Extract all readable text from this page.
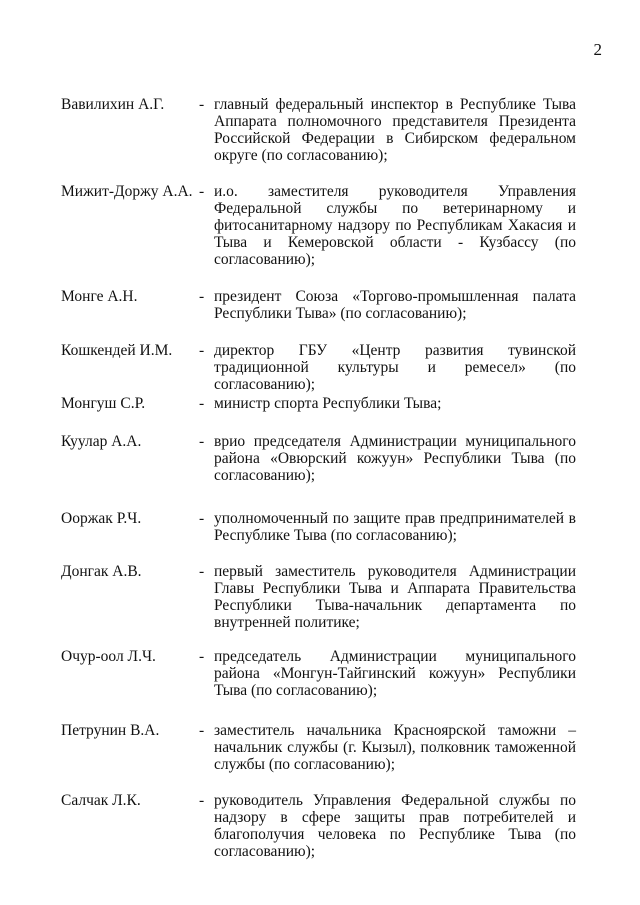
2
Вавилихин А.Г.	- главный федеральный инспектор в Республике Тыва Аппарата полномочного представителя Президента Российской Федерации в Сибирском федеральном округе (по согласованию);
Мижит-Доржу А.А. - и.о. заместителя руководителя Управления Федеральной службы по ветеринарному и фитосанитарному надзору по Республикам Хакасия и Тыва и Кемеровской области - Кузбассу (по согласованию);
Монге А.Н.	- президент Союза «Торгово-промышленная палата Республики Тыва» (по согласованию);
Кошкендей И.М.	- директор ГБУ «Центр развития тувинской традиционной культуры и ремесел» (по согласованию);
Монгуш С.Р.	- министр спорта Республики Тыва;
Куулар А.А.	- врио председателя Администрации муниципального района «Овюрский кожуун» Республики Тыва (по согласованию);
Ооржак Р.Ч.	- уполномоченный по защите прав предпринимателей в Республике Тыва (по согласованию);
Донгак А.В.	- первый заместитель руководителя Администрации Главы Республики Тыва и Аппарата Правительства Республики Тыва-начальник департамента по внутренней политике;
Очур-оол Л.Ч.	- председатель Администрации муниципального района «Монгун-Тайгинский кожуун» Республики Тыва (по согласованию);
Петрунин В.А.	- заместитель начальника Красноярской таможни – начальник службы (г. Кызыл), полковник таможенной службы (по согласованию);
Салчак Л.К.	- руководитель Управления Федеральной службы по надзору в сфере защиты прав потребителей и благополучия человека по Республике Тыва (по согласованию);
